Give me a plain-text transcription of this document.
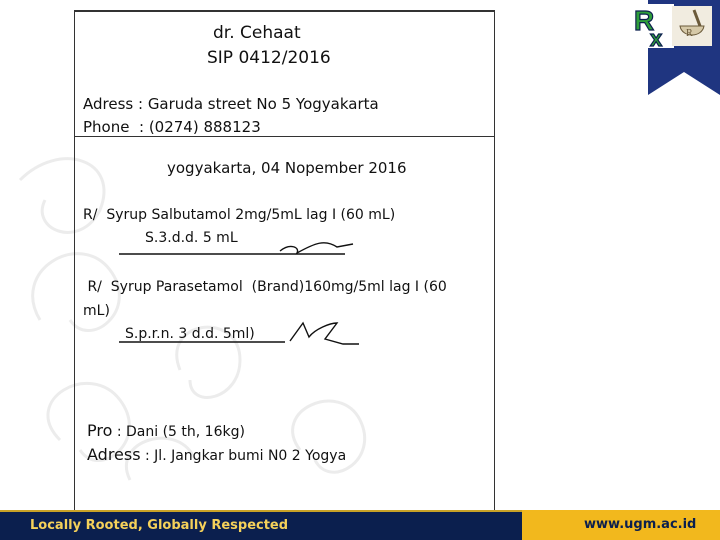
dr. Cehaat
SIP 0412/2016
Adress : Garuda street No 5 Yogyakarta
Phone  : (0274) 888123
yogyakarta, 04 Nopember 2016
R/  Syrup Salbutamol 2mg/5mL lag I (60 mL)
S.3.d.d. 5 mL
R/  Syrup Parasetamol  (Brand)160mg/5ml lag I (60
mL)
S.p.r.n. 3 d.d. 5ml)
Pro : Dani (5 th, 16kg)
Adress : Jl. Jangkar bumi N0 2 Yogya
R
x R
Locally Rooted, Globally Respected	www.ugm.ac.id
